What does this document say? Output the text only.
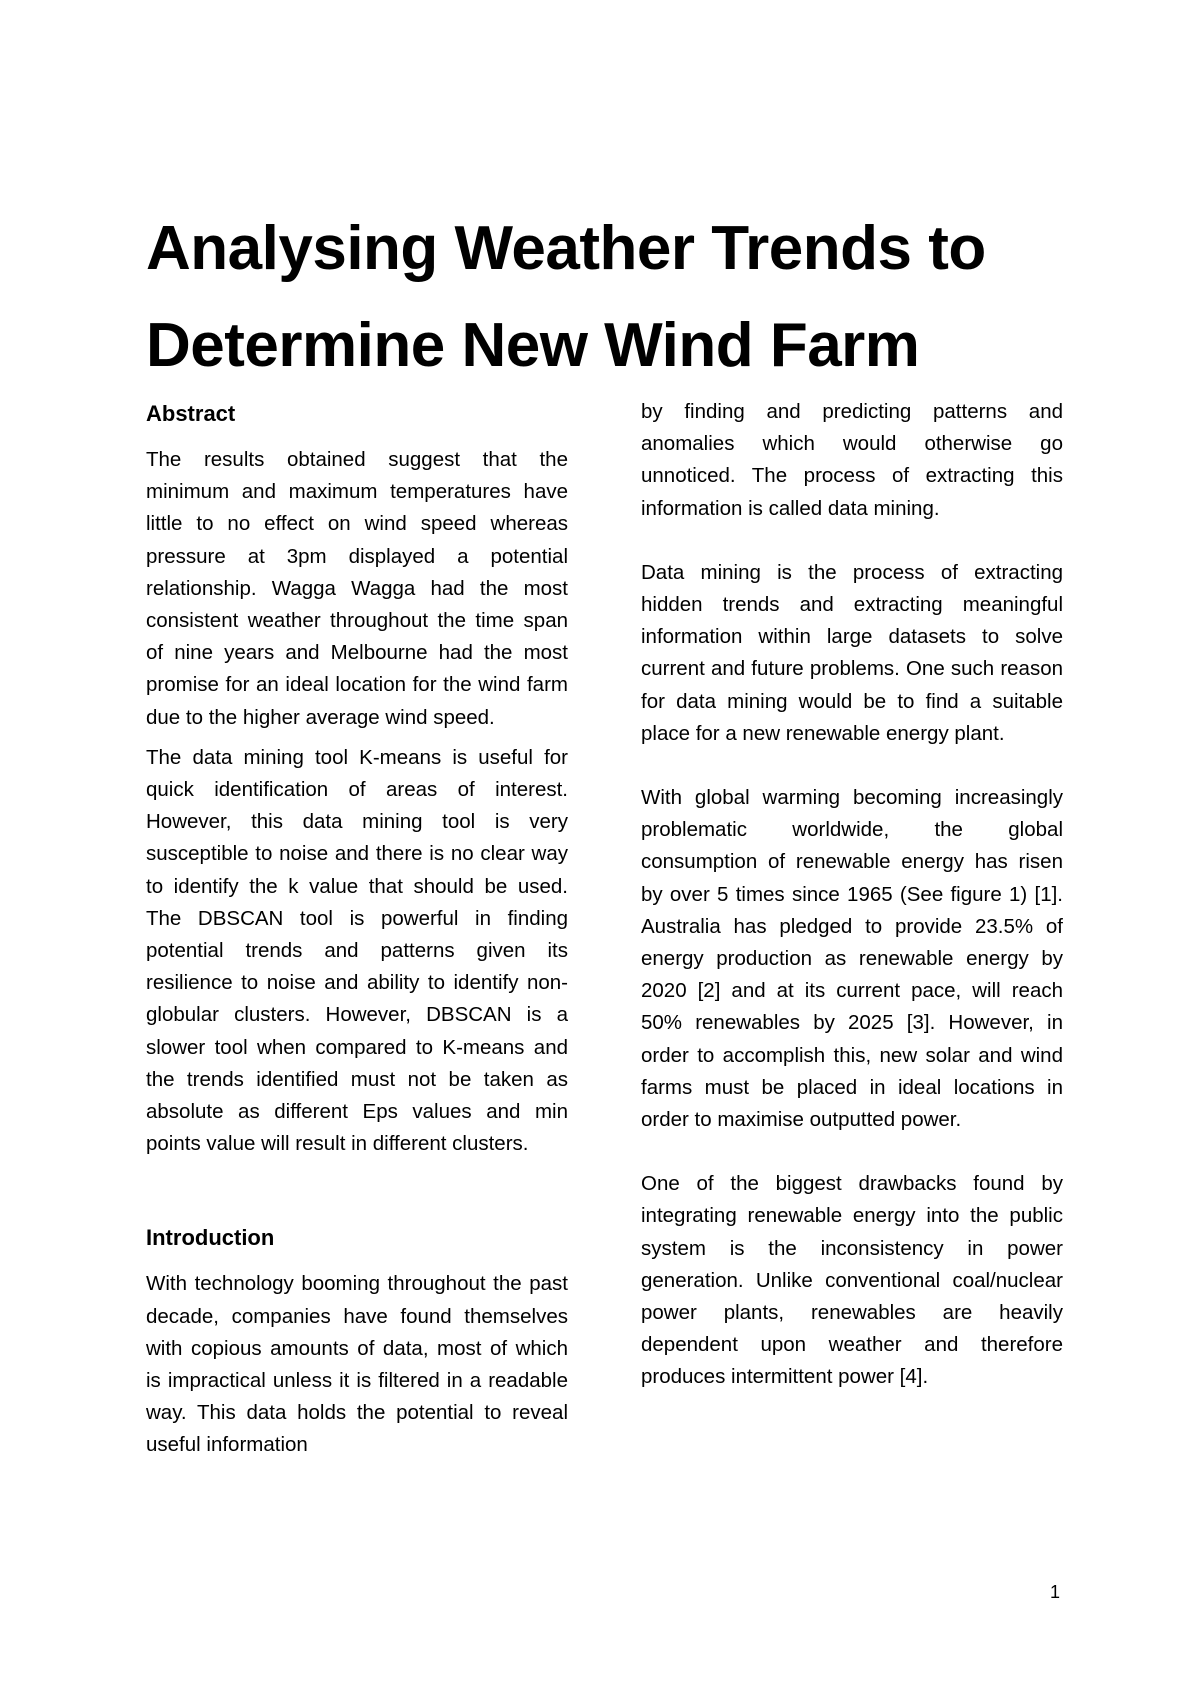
Analysing Weather Trends to Determine New Wind Farm
Abstract

The results obtained suggest that the minimum and maximum temperatures have little to no effect on wind speed whereas pressure at 3pm displayed a potential relationship. Wagga Wagga had the most consistent weather throughout the time span of nine years and Melbourne had the most promise for an ideal location for the wind farm due to the higher average wind speed.

The data mining tool K-means is useful for quick identification of areas of interest. However, this data mining tool is very susceptible to noise and there is no clear way to identify the k value that should be used. The DBSCAN tool is powerful in finding potential trends and patterns given its resilience to noise and ability to identify non-globular clusters. However, DBSCAN is a slower tool when compared to K-means and the trends identified must not be taken as absolute as different Eps values and min points value will result in different clusters.

Introduction

With technology booming throughout the past decade, companies have found themselves with copious amounts of data, most of which is impractical unless it is filtered in a readable way. This data holds the potential to reveal useful information

by finding and predicting patterns and anomalies which would otherwise go unnoticed. The process of extracting this information is called data mining.

Data mining is the process of extracting hidden trends and extracting meaningful information within large datasets to solve current and future problems. One such reason for data mining would be to find a suitable place for a new renewable energy plant.

With global warming becoming increasingly problematic worldwide, the global consumption of renewable energy has risen by over 5 times since 1965 (See figure 1) [1]. Australia has pledged to provide 23.5% of energy production as renewable energy by 2020 [2] and at its current pace, will reach 50% renewables by 2025 [3]. However, in order to accomplish this, new solar and wind farms must be placed in ideal locations in order to maximise outputted power.

One of the biggest drawbacks found by integrating renewable energy into the public system is the inconsistency in power generation. Unlike conventional coal/nuclear power plants, renewables are heavily dependent upon weather and therefore produces intermittent power [4].

1
